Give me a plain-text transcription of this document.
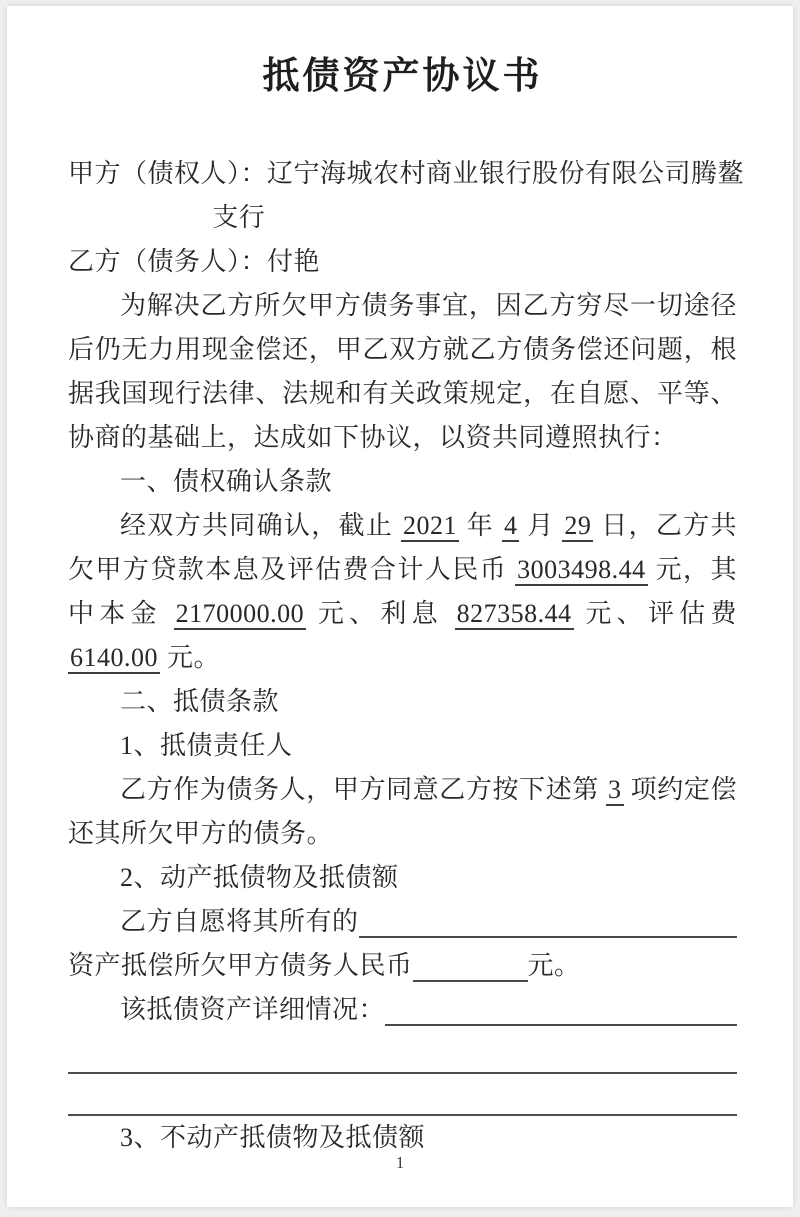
抵债资产协议书

甲方（债权人）：辽宁海城农村商业银行股份有限公司腾鳌

支行

乙方（债务人）：付艳

为解决乙方所欠甲方债务事宜，因乙方穷尽一切途径后仍无力用现金偿还，甲乙双方就乙方债务偿还问题，根据我国现行法律、法规和有关政策规定，在自愿、平等、协商的基础上，达成如下协议，以资共同遵照执行：

一、债权确认条款

经双方共同确认，截止 2021 年 4 月 29 日，乙方共欠甲方贷款本息及评估费合计人民币 3003498.44 元，其中本金 2170000.00 元、利息 827358.44 元、评估费 6140.00 元。

二、抵债条款

1、抵债责任人

乙方作为债务人，甲方同意乙方按下述第 3 项约定偿还其所欠甲方的债务。

2、动产抵债物及抵债额

乙方自愿将其所有的
资产抵偿所欠甲方债务人民币	元。
该抵债资产详细情况：

3、不动产抵债物及抵债额

1
